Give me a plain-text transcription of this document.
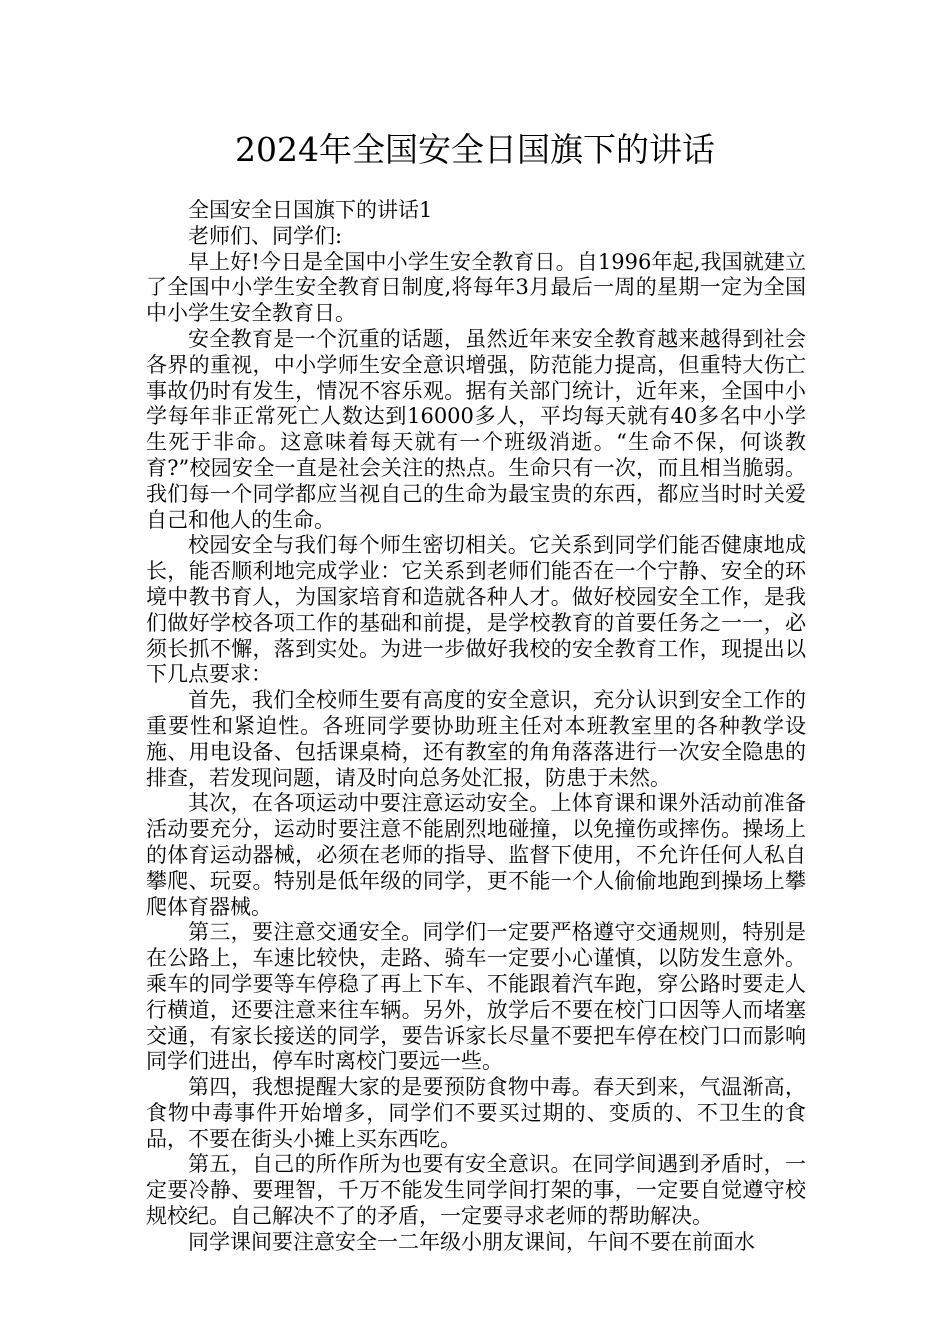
2024年全国安全日国旗下的讲话

全国安全日国旗下的讲话1

老师们、同学们:

早上好!今日是全国中小学生安全教育日。自1996年起,我国就建立了全国中小学生安全教育日制度,将每年3月最后一周的星期一定为全国中小学生安全教育日。

安全教育是一个沉重的话题，虽然近年来安全教育越来越得到社会各界的重视，中小学师生安全意识增强，防范能力提高，但重特大伤亡事故仍时有发生，情况不容乐观。据有关部门统计，近年来，全国中小学每年非正常死亡人数达到16000多人，平均每天就有40多名中小学生死于非命。这意味着每天就有一个班级消逝。“生命不保，何谈教育?”校园安全一直是社会关注的热点。生命只有一次，而且相当脆弱。我们每一个同学都应当视自己的生命为最宝贵的东西，都应当时时关爱自己和他人的生命。

校园安全与我们每个师生密切相关。它关系到同学们能否健康地成长，能否顺利地完成学业：它关系到老师们能否在一个宁静、安全的环境中教书育人，为国家培育和造就各种人才。做好校园安全工作，是我们做好学校各项工作的基础和前提，是学校教育的首要任务之一一，必须长抓不懈，落到实处。为进一步做好我校的安全教育工作，现提出以下几点要求：

首先，我们全校师生要有高度的安全意识，充分认识到安全工作的重要性和紧迫性。各班同学要协助班主任对本班教室里的各种教学设施、用电设备、包括课桌椅，还有教室的角角落落进行一次安全隐患的排查，若发现问题，请及时向总务处汇报，防患于未然。

其次，在各项运动中要注意运动安全。上体育课和课外活动前准备活动要充分，运动时要注意不能剧烈地碰撞，以免撞伤或摔伤。操场上的体育运动器械，必须在老师的指导、监督下使用，不允许任何人私自攀爬、玩耍。特别是低年级的同学，更不能一个人偷偷地跑到操场上攀爬体育器械。

第三，要注意交通安全。同学们一定要严格遵守交通规则，特别是在公路上，车速比较快，走路、骑车一定要小心谨慎，以防发生意外。乘车的同学要等车停稳了再上下车、不能跟着汽车跑，穿公路时要走人行横道，还要注意来往车辆。另外，放学后不要在校门口因等人而堵塞交通，有家长接送的同学，要告诉家长尽量不要把车停在校门口而影响同学们进出，停车时离校门要远一些。

第四，我想提醒大家的是要预防食物中毒。春天到来，气温渐高，食物中毒事件开始增多，同学们不要买过期的、变质的、不卫生的食品，不要在街头小摊上买东西吃。

第五，自己的所作所为也要有安全意识。在同学间遇到矛盾时，一定要冷静、要理智，千万不能发生同学间打架的事，一定要自觉遵守校规校纪。自己解决不了的矛盾，一定要寻求老师的帮助解决。

同学课间要注意安全一二年级小朋友课间，午间不要在前面水
